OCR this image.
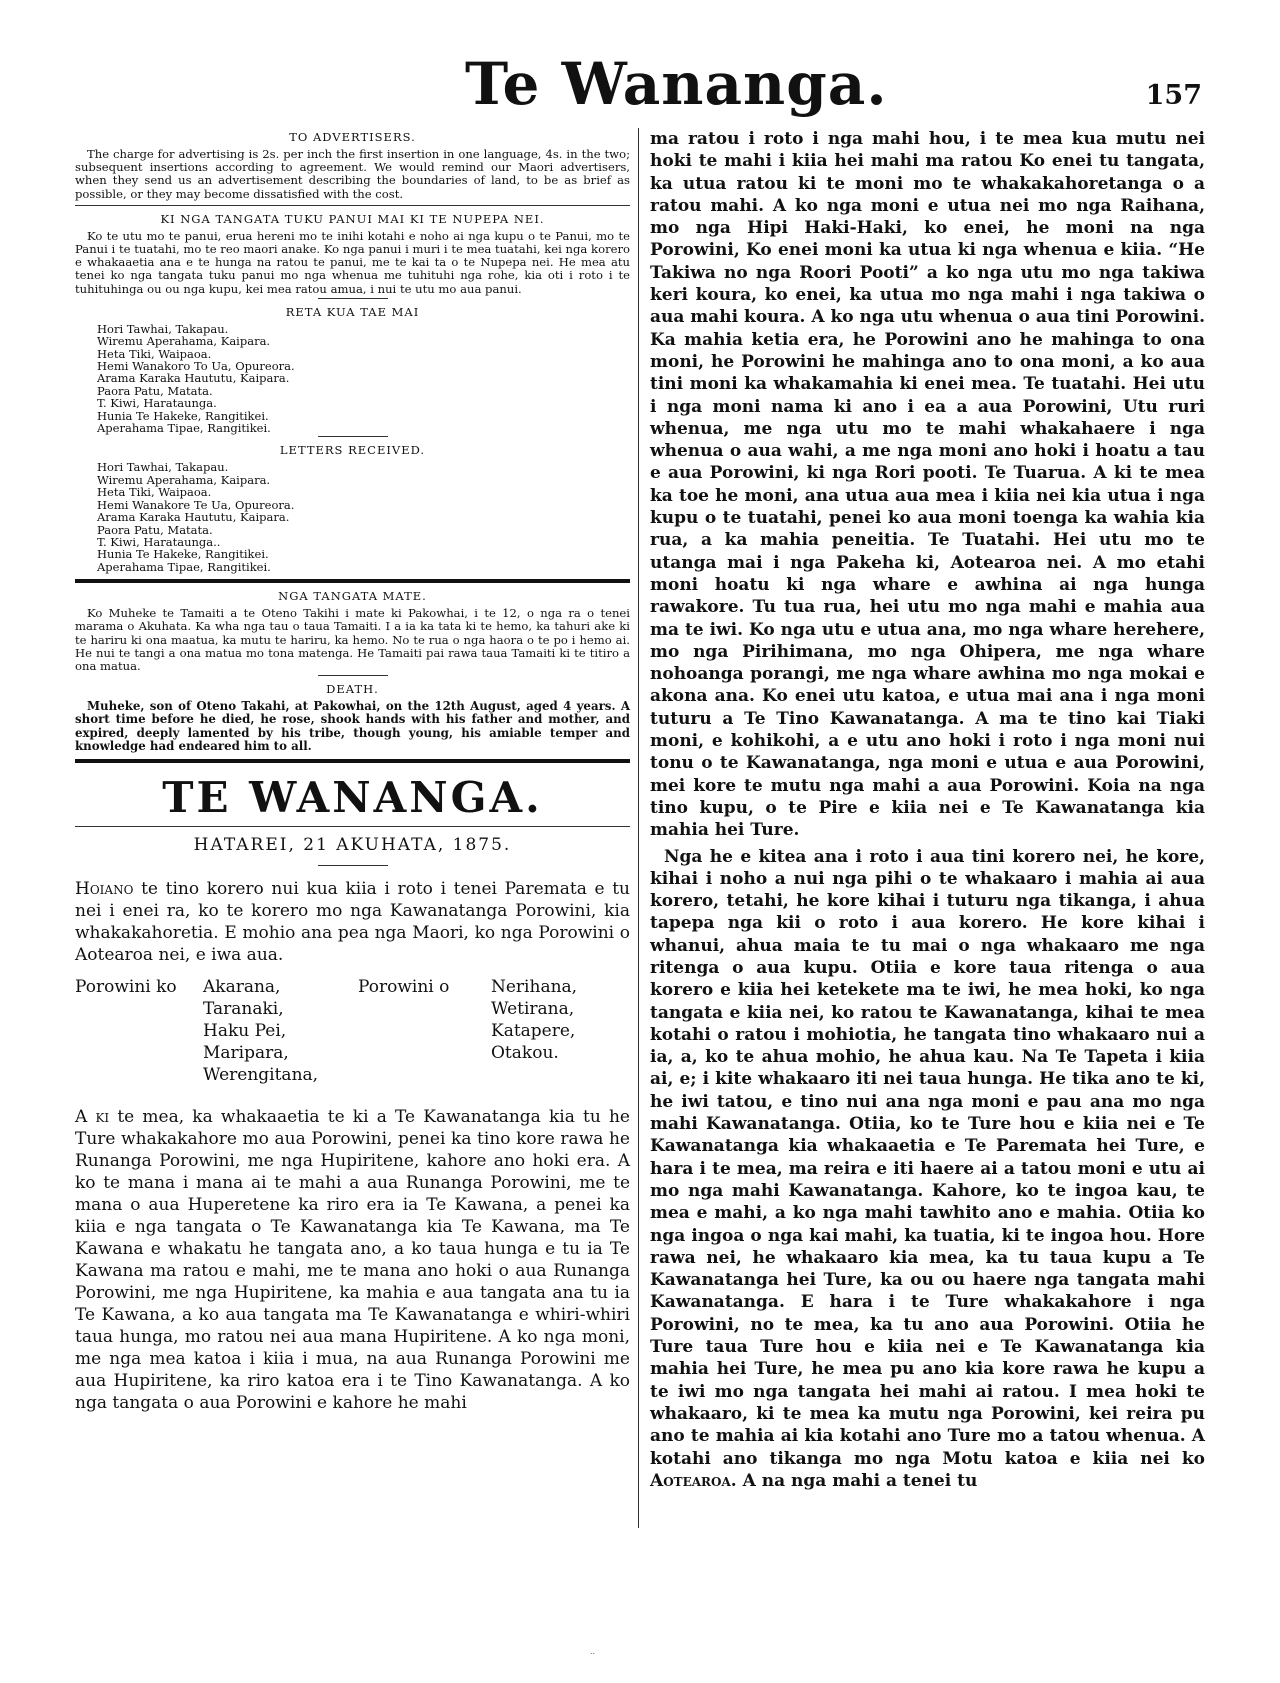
Te Wananga.	157
TO ADVERTISERS.

The charge for advertising is 2s. per inch the first insertion in one language, 4s. in the two; subsequent insertions according to agreement. We would remind our Maori advertisers, when they send us an advertisement describing the boundaries of land, to be as brief as possible, or they may become dissatisfied with the cost.

KI NGA TANGATA TUKU PANUI MAI KI TE NUPEPA NEI.

Ko te utu mo te panui, erua hereni mo te inihi kotahi e noho ai nga kupu o te Panui, mo te Panui i te tuatahi, mo te reo maori anake. Ko nga panui i muri i te mea tuatahi, kei nga korero e whakaaetia ana e te hunga na ratou te panui, me te kai ta o te Nupepa nei. He mea atu tenei ko nga tangata tuku panui mo nga whenua me tuhituhi nga rohe, kia oti i roto i te tuhituhinga ou ou nga kupu, kei mea ratou amua, i nui te utu mo aua panui.

RETA KUA TAE MAI
Hori Tawhai, Takapau.
Wiremu Aperahama, Kaipara.
Heta Tiki, Waipaoa.
Hemi Wanakoro To Ua, Opureora.
Arama Karaka Haututu, Kaipara.
Paora Patu, Matata.
T. Kiwi, Harataunga.
Hunia Te Hakeke, Rangitikei.
Aperahama Tipae, Rangitikei.
LETTERS RECEIVED.
Hori Tawhai, Takapau.
Wiremu Aperahama, Kaipara.
Heta Tiki, Waipaoa.
Hemi Wanakore Te Ua, Opureora.
Arama Karaka Haututu, Kaipara.
Paora Patu, Matata.
T. Kiwi, Harataunga..
Hunia Te Hakeke, Rangitikei.
Aperahama Tipae, Rangitikei.
NGA TANGATA MATE.

Ko Muheke te Tamaiti a te Oteno Takihi i mate ki Pakowhai, i te 12, o nga ra o tenei marama o Akuhata. Ka wha nga tau o taua Tamaiti. I a ia ka tata ki te hemo, ka tahuri ake ki te hariru ki ona maatua, ka mutu te hariru, ka hemo. No te rua o nga haora o te po i hemo ai. He nui te tangi a ona matua mo tona matenga. He Tamaiti pai rawa taua Tamaiti ki te titiro a ona matua.

DEATH.

Muheke, son of Oteno Takahi, at Pakowhai, on the 12th August, aged 4 years. A short time before he died, he rose, shook hands with his father and mother, and expired, deeply lamented by his tribe, though young, his amiable temper and knowledge had endeared him to all.

TE WANANGA.
HATAREI, 21 AKUHATA, 1875.

Hoiano te tino korero nui kua kiia i roto i tenei Paremata e tu nei i enei ra, ko te korero mo nga Kawanatanga Porowini, kia whakakahoretia. E mohio ana pea nga Maori, ko nga Porowini o Aotearoa nei, e iwa aua.

Porowini ko Akarana,
Taranaki,
Haku Pei,
Maripara,
Werengitana,
Porowini o Nerihana,
Wetirana,
Katapere,
Otakou.

A ki te mea, ka whakaaetia te ki a Te Kawanatanga kia tu he Ture whakakahore mo aua Porowini, penei ka tino kore rawa he Runanga Porowini, me nga Hupiritene, kahore ano hoki era. A ko te mana i mana ai te mahi a aua Runanga Porowini, me te mana o aua Huperetene ka riro era ia Te Kawana, a penei ka kiia e nga tangata o Te Kawanatanga kia Te Kawana, ma Te Kawana e whakatu he tangata ano, a ko taua hunga e tu ia Te Kawana ma ratou e mahi, me te mana ano hoki o aua Runanga Porowini, me nga Hupiritene, ka mahia e aua tangata ana tu ia Te Kawana, a ko aua tangata ma Te Kawanatanga e whiri-whiri taua hunga, mo ratou nei aua mana Hupiritene. A ko nga moni, me nga mea katoa i kiia i mua, na aua Runanga Porowini me aua Hupiritene, ka riro katoa era i te Tino Kawanatanga. A ko nga tangata o aua Porowini e kahore he mahi

ma ratou i roto i nga mahi hou, i te mea kua mutu nei hoki te mahi i kiia hei mahi ma ratou Ko enei tu tangata, ka utua ratou ki te moni mo te whakakahoretanga o a ratou mahi. A ko nga moni e utua nei mo nga Raihana, mo nga Hipi Haki-Haki, ko enei, he moni na nga Porowini, Ko enei moni ka utua ki nga whenua e kiia. “He Takiwa no nga Roori Pooti” a ko nga utu mo nga takiwa keri koura, ko enei, ka utua mo nga mahi i nga takiwa o aua mahi koura. A ko nga utu whenua o aua tini Porowini. Ka mahia ketia era, he Porowini ano he mahinga to ona moni, he Porowini he mahinga ano to ona moni, a ko aua tini moni ka whakamahia ki enei mea. Te tuatahi. Hei utu i nga moni nama ki ano i ea a aua Porowini, Utu ruri whenua, me nga utu mo te mahi whakahaere i nga whenua o aua wahi, a me nga moni ano hoki i hoatu a tau e aua Porowini, ki nga Rori pooti. Te Tuarua. A ki te mea ka toe he moni, ana utua aua mea i kiia nei kia utua i nga kupu o te tuatahi, penei ko aua moni toenga ka wahia kia rua, a ka mahia peneitia. Te Tuatahi. Hei utu mo te utanga mai i nga Pakeha ki, Aotearoa nei. A mo etahi moni hoatu ki nga whare e awhina ai nga hunga rawakore. Tu tua rua, hei utu mo nga mahi e mahia aua ma te iwi. Ko nga utu e utua ana, mo nga whare herehere, mo nga Pirihimana, mo nga Ohipera, me nga whare nohoanga porangi, me nga whare awhina mo nga mokai e akona ana. Ko enei utu katoa, e utua mai ana i nga moni tuturu a Te Tino Kawanatanga. A ma te tino kai Tiaki moni, e kohikohi, a e utu ano hoki i roto i nga moni nui tonu o te Kawanatanga, nga moni e utua e aua Porowini, mei kore te mutu nga mahi a aua Porowini. Koia na nga tino kupu, o te Pire e kiia nei e Te Kawanatanga kia mahia hei Ture.

Nga he e kitea ana i roto i aua tini korero nei, he kore, kihai i noho a nui nga pihi o te whakaaro i mahia ai aua korero, tetahi, he kore kihai i tuturu nga tikanga, i ahua tapepa nga kii o roto i aua korero. He kore kihai i whanui, ahua maia te tu mai o nga whakaaro me nga ritenga o aua kupu. Otiia e kore taua ritenga o aua korero e kiia hei ketekete ma te iwi, he mea hoki, ko nga tangata e kiia nei, ko ratou te Kawanatanga, kihai te mea kotahi o ratou i mohiotia, he tangata tino whakaaro nui a ia, a, ko te ahua mohio, he ahua kau. Na Te Tapeta i kiia ai, e; i kite whakaaro iti nei taua hunga. He tika ano te ki, he iwi tatou, e tino nui ana nga moni e pau ana mo nga mahi Kawanatanga. Otiia, ko te Ture hou e kiia nei e Te Kawanatanga kia whakaaetia e Te Paremata hei Ture, e hara i te mea, ma reira e iti haere ai a tatou moni e utu ai mo nga mahi Kawanatanga. Kahore, ko te ingoa kau, te mea e mahi, a ko nga mahi tawhito ano e mahia. Otiia ko nga ingoa o nga kai mahi, ka tuatia, ki te ingoa hou. Hore rawa nei, he whakaaro kia mea, ka tu taua kupu a Te Kawanatanga hei Ture, ka ou ou haere nga tangata mahi Kawanatanga. E hara i te Ture whakakahore i nga Porowini, no te mea, ka tu ano aua Porowini. Otiia he Ture taua Ture hou e kiia nei e Te Kawanatanga kia mahia hei Ture, he mea pu ano kia kore rawa he kupu a te iwi mo nga tangata hei mahi ai ratou. I mea hoki te whakaaro, ki te mea ka mutu nga Porowini, kei reira pu ano te mahia ai kia kotahi ano Ture mo a tatou whenua. A kotahi ano tikanga mo nga Motu katoa e kiia nei ko Aotearoa. A na nga mahi a tenei tu

..
